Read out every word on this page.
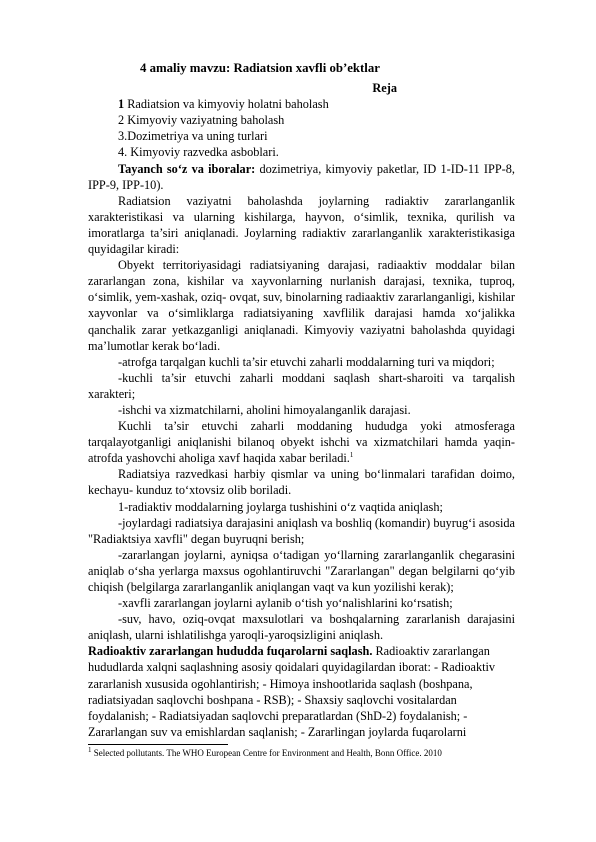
4 amaliy mavzu: Radiatsion xavfli ob’ektlar
Reja

1 Radiatsion va kimyoviy holatni baholash

2 Kimyoviy vaziyatning baholash

3.Dozimetriya va uning turlari

4. Kimyoviy razvedka asboblari.

Tayanch so‘z va iboralar: dozimetriya, kimyoviy paketlar, ID 1-ID-11 IPP-8, IPP-9, IPP-10).

Radiatsion vaziyatni baholashda joylarning radiaktiv zararlanganlik xarakteristikasi va ularning kishilarga, hayvon, o‘simlik, texnika, qurilish va imoratlarga ta’siri aniqlanadi. Joylarning radiaktiv zararlanganlik xarakteristikasiga quyidagilar kiradi:

Obyekt territoriyasidagi radiatsiyaning darajasi, radiaaktiv moddalar bilan zararlangan zona, kishilar va xayvonlarning nurlanish darajasi, texnika, tuproq, o‘simlik, yem-xashak, oziq- ovqat, suv, binolarning radiaaktiv zararlanganligi, kishilar xayvonlar va o‘simliklarga radiatsiyaning xavflilik darajasi hamda xo‘jalikka qanchalik zarar yetkazganligi aniqlanadi. Kimyoviy vaziyatni baholashda quyidagi ma’lumotlar kerak bo‘ladi.

-atrofga tarqalgan kuchli ta’sir etuvchi zaharli moddalarning turi va miqdori;

-kuchli ta’sir etuvchi zaharli moddani saqlash shart-sharoiti va tarqalish xarakteri;

-ishchi va xizmatchilarni, aholini himoyalanganlik darajasi.

Kuchli ta’sir etuvchi zaharli moddaning hududga yoki atmosferaga tarqalayotganligi aniqlanishi bilanoq obyekt ishchi va xizmatchilari hamda yaqin-atrofda yashovchi aholiga xavf haqida xabar beriladi.$^1$

Radiatsiya razvedkasi harbiy qismlar va uning bo‘linmalari tarafidan doimo, kechayu- kunduz to‘xtovsiz olib boriladi.

1-radiaktiv moddalarning joylarga tushishini o‘z vaqtida aniqlash;

-joylardagi radiatsiya darajasini aniqlash va boshliq (komandir) buyrug‘i asosida "Radiaktsiya xavfli" degan buyruqni berish;

-zararlangan joylarni, ayniqsa o‘tadigan yo‘llarning zararlanganlik chegarasini aniqlab o‘sha yerlarga maxsus ogohlantiruvchi "Zararlangan" degan belgilarni qo‘yib chiqish (belgilarga zararlanganlik aniqlangan vaqt va kun yozilishi kerak);

-xavfli zararlangan joylarni aylanib o‘tish yo‘nalishlarini ko‘rsatish;

-suv, havo, oziq-ovqat maxsulotlari va boshqalarning zararlanish darajasini aniqlash, ularni ishlatilishga yaroqli-yaroqsizligini aniqlash.

Radioaktiv zararlangan hududda fuqarolarni saqlash. Radioaktiv zararlangan hududlarda xalqni saqlashning asosiy qoidalari quyidagilardan iborat: - Radioaktiv zararlanish xususida ogohlantirish; - Himoya inshootlarida saqlash (boshpana, radiatsiyadan saqlovchi boshpana - RSB); - Shaxsiy saqlovchi vositalardan foydalanish; - Radiatsiyadan saqlovchi preparatlardan (ShD-2) foydalanish; - Zararlangan suv va emishlardan saqlanish; - Zararlingan joylarda fuqarolarni

$^1$ Selected pollutants. The WHO European Centre for Environment and Health, Bonn Office. 2010
